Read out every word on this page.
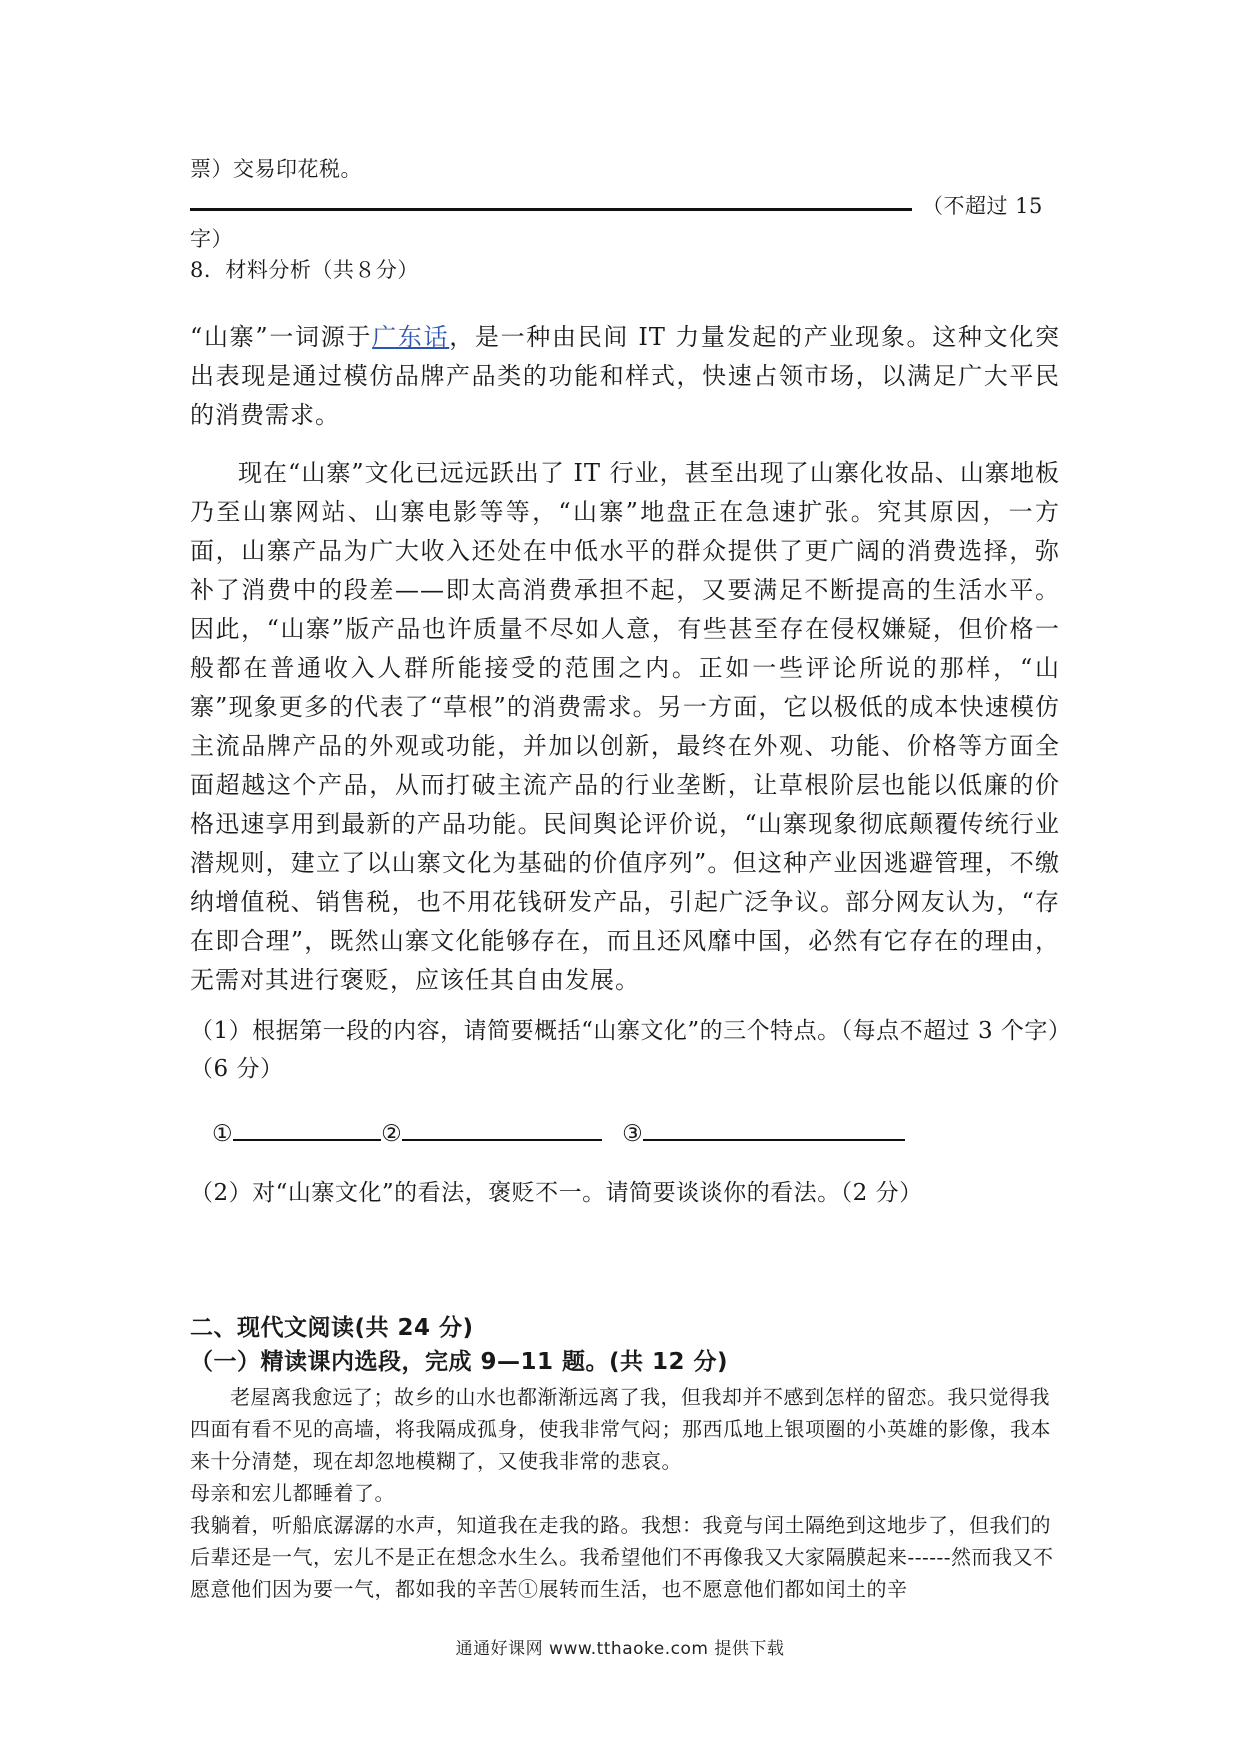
票）交易印花税。
（不超过 15
字）
8．材料分析（共８分）
“山寨”一词源于广东话，是一种由民间 IT 力量发起的产业现象。这种文化突出表现是通过模仿品牌产品类的功能和样式，快速占领市场，以满足广大平民的消费需求。
现在“山寨”文化已远远跃出了 IT 行业，甚至出现了山寨化妆品、山寨地板乃至山寨网站、山寨电影等等，“山寨”地盘正在急速扩张。究其原因，一方面，山寨产品为广大收入还处在中低水平的群众提供了更广阔的消费选择，弥补了消费中的段差——即太高消费承担不起，又要满足不断提高的生活水平。因此，“山寨”版产品也许质量不尽如人意，有些甚至存在侵权嫌疑，但价格一般都在普通收入人群所能接受的范围之内。正如一些评论所说的那样，“山寨”现象更多的代表了“草根”的消费需求。另一方面，它以极低的成本快速模仿主流品牌产品的外观或功能，并加以创新，最终在外观、功能、价格等方面全面超越这个产品，从而打破主流产品的行业垄断，让草根阶层也能以低廉的价格迅速享用到最新的产品功能。民间舆论评价说，“山寨现象彻底颠覆传统行业潜规则，建立了以山寨文化为基础的价值序列”。但这种产业因逃避管理，不缴纳增值税、销售税，也不用花钱研发产品，引起广泛争议。部分网友认为，“存在即合理”，既然山寨文化能够存在，而且还风靡中国，必然有它存在的理由，无需对其进行褒贬，应该任其自由发展。
（1）根据第一段的内容，请简要概括“山寨文化”的三个特点。（每点不超过 3 个字）（6 分）
①	②	③
（2）对“山寨文化”的看法，褒贬不一。请简要谈谈你的看法。（2 分）
二、现代文阅读(共 24 分)
（一）精读课内选段，完成 9—11 题。(共 12 分)
老屋离我愈远了；故乡的山水也都渐渐远离了我，但我却并不感到怎样的留恋。我只觉得我四面有看不见的高墙，将我隔成孤身，使我非常气闷；那西瓜地上银项圈的小英雄的影像，我本来十分清楚，现在却忽地模糊了，又使我非常的悲哀。
母亲和宏儿都睡着了。
我躺着，听船底潺潺的水声，知道我在走我的路。我想：我竟与闰土隔绝到这地步了，但我们的后辈还是一气，宏儿不是正在想念水生么。我希望他们不再像我又大家隔膜起来------然而我又不愿意他们因为要一气，都如我的辛苦①展转而生活，也不愿意他们都如闰土的辛
通通好课网 www.tthaoke.com 提供下载
